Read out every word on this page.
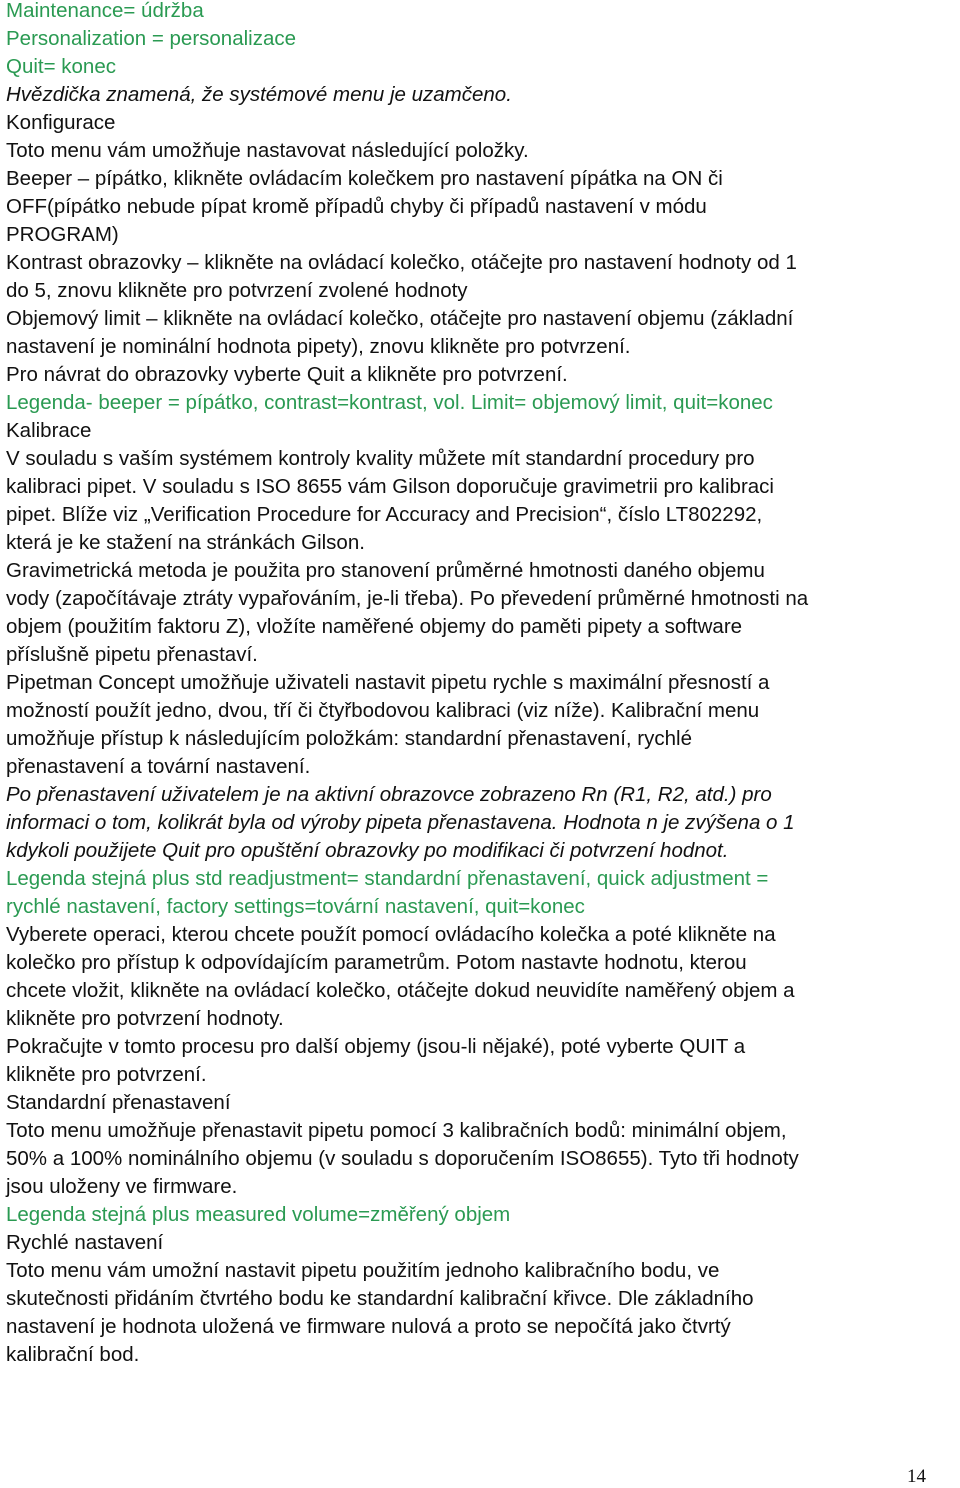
Maintenance= údržba
Personalization = personalizace
Quit= konec
Hvězdička znamená, že systémové menu je uzamčeno.
Konfigurace
Toto menu vám umožňuje nastavovat následující položky.
Beeper – pípátko, klikněte ovládacím kolečkem pro nastavení pípátka na ON či
OFF(pípátko nebude pípat kromě případů chyby či případů nastavení v módu
PROGRAM)
Kontrast obrazovky – klikněte na ovládací kolečko, otáčejte pro nastavení hodnoty od 1
do 5, znovu klikněte pro potvrzení zvolené hodnoty
Objemový limit – klikněte na ovládací kolečko, otáčejte pro nastavení objemu (základní
nastavení je nominální hodnota pipety), znovu klikněte pro potvrzení.
Pro návrat do obrazovky vyberte Quit a klikněte pro potvrzení.
Legenda- beeper = pípátko, contrast=kontrast, vol. Limit= objemový limit, quit=konec
Kalibrace
V souladu s vaším systémem kontroly kvality můžete mít standardní procedury pro
kalibraci pipet. V souladu s ISO 8655 vám Gilson doporučuje gravimetrii pro kalibraci
pipet. Blíže viz „Verification Procedure for Accuracy and Precision“, číslo LT802292,
která je ke stažení na stránkách Gilson.
Gravimetrická metoda je použita pro stanovení průměrné hmotnosti daného objemu
vody (započítávaje ztráty vypařováním, je-li třeba). Po převedení průměrné hmotnosti na
objem (použitím faktoru Z), vložíte naměřené objemy do paměti pipety a software
příslušně pipetu přenastaví.
Pipetman Concept umožňuje uživateli nastavit pipetu rychle s maximální přesností a
možností použít jedno, dvou, tří či čtyřbodovou kalibraci (viz níže). Kalibrační menu
umožňuje přístup k následujícím položkám: standardní přenastavení, rychlé
přenastavení a tovární nastavení.
Po přenastavení uživatelem je na aktivní obrazovce zobrazeno Rn (R1, R2, atd.) pro
informaci o tom, kolikrát byla od výroby pipeta přenastavena. Hodnota n je zvýšena o 1
kdykoli použijete Quit pro opuštění obrazovky po modifikaci či potvrzení hodnot.
Legenda stejná plus std readjustment= standardní přenastavení, quick adjustment =
rychlé nastavení, factory settings=tovární nastavení, quit=konec
Vyberete operaci, kterou chcete použít pomocí ovládacího kolečka a poté klikněte na
kolečko pro přístup k odpovídajícím parametrům. Potom nastavte hodnotu, kterou
chcete vložit, klikněte na ovládací kolečko, otáčejte dokud neuvidíte naměřený objem a
klikněte pro potvrzení hodnoty.
Pokračujte v tomto procesu pro další objemy (jsou-li nějaké), poté vyberte QUIT a
klikněte pro potvrzení.
Standardní přenastavení
Toto menu umožňuje přenastavit pipetu pomocí 3 kalibračních bodů: minimální objem,
50% a 100% nominálního objemu (v souladu s doporučením ISO8655). Tyto tři hodnoty
jsou uloženy ve firmware.
Legenda stejná plus measured volume=změřený objem
Rychlé nastavení
Toto menu vám umožní nastavit pipetu použitím jednoho kalibračního bodu, ve
skutečnosti přidáním čtvrtého bodu ke standardní kalibrační křivce. Dle základního
nastavení je hodnota uložená ve firmware nulová a proto se nepočítá jako čtvrtý
kalibrační bod.
14
